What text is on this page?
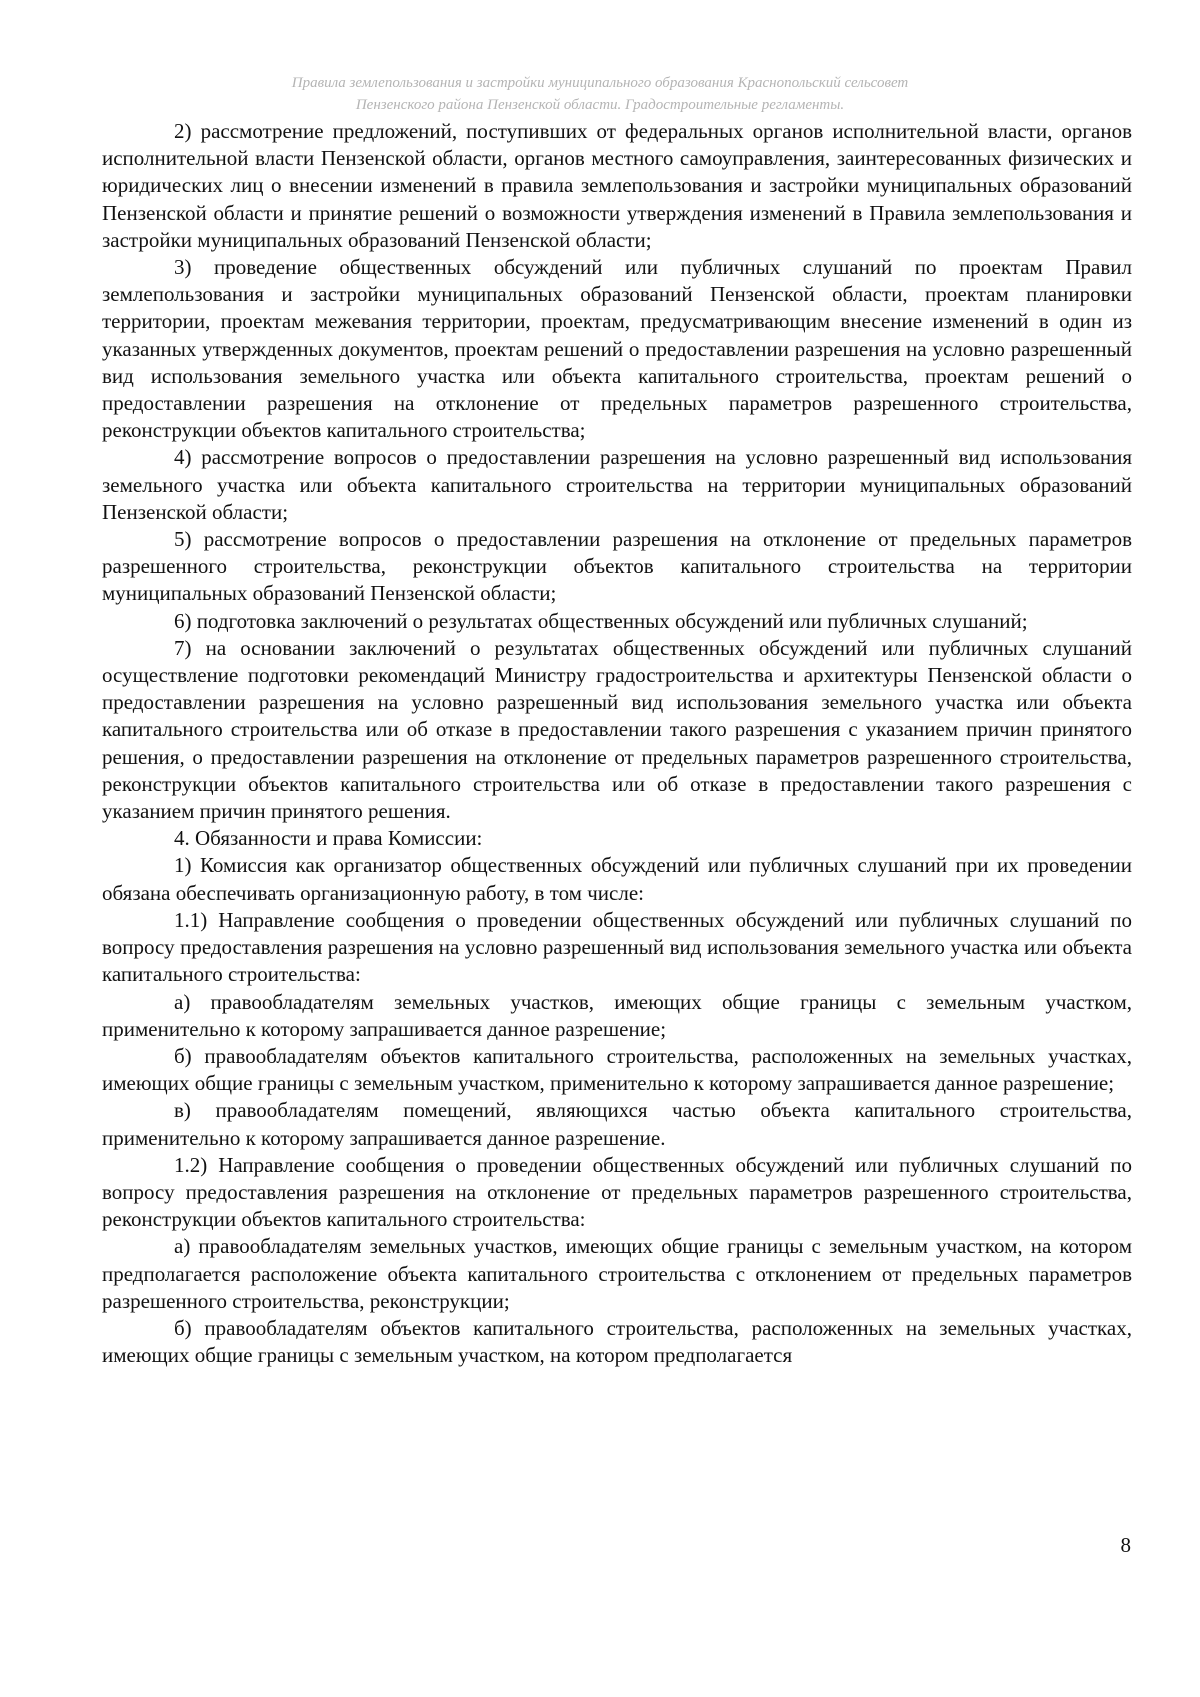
Правила землепользования и застройки муниципального образования Краснопольский сельсовет
Пензенского района Пензенской области. Градостроительные регламенты.

2) рассмотрение предложений, поступивших от федеральных органов исполнительной власти, органов исполнительной власти Пензенской области, органов местного самоуправления, заинтересованных физических и юридических лиц о внесении изменений в правила землепользования и застройки муниципальных образований Пензенской области и принятие решений о возможности утверждения изменений в Правила землепользования и застройки муниципальных образований Пензенской области;

3) проведение общественных обсуждений или публичных слушаний по проектам Правил землепользования и застройки муниципальных образований Пензенской области, проектам планировки территории, проектам межевания территории, проектам, предусматривающим внесение изменений в один из указанных утвержденных документов, проектам решений о предоставлении разрешения на условно разрешенный вид использования земельного участка или объекта капитального строительства, проектам решений о предоставлении разрешения на отклонение от предельных параметров разрешенного строительства, реконструкции объектов капитального строительства;

4) рассмотрение вопросов о предоставлении разрешения на условно разрешенный вид использования земельного участка или объекта капитального строительства на территории муниципальных образований Пензенской области;

5) рассмотрение вопросов о предоставлении разрешения на отклонение от предельных параметров разрешенного строительства, реконструкции объектов капитального строительства на территории муниципальных образований Пензенской области;

6) подготовка заключений о результатах общественных обсуждений или публичных слушаний;

7) на основании заключений о результатах общественных обсуждений или публичных слушаний осуществление подготовки рекомендаций Министру градостроительства и архитектуры Пензенской области о предоставлении разрешения на условно разрешенный вид использования земельного участка или объекта капитального строительства или об отказе в предоставлении такого разрешения с указанием причин принятого решения, о предоставлении разрешения на отклонение от предельных параметров разрешенного строительства, реконструкции объектов капитального строительства или об отказе в предоставлении такого разрешения с указанием причин принятого решения.

4. Обязанности и права Комиссии:

1) Комиссия как организатор общественных обсуждений или публичных слушаний при их проведении обязана обеспечивать организационную работу, в том числе:

1.1) Направление сообщения о проведении общественных обсуждений или публичных слушаний по вопросу предоставления разрешения на условно разрешенный вид использования земельного участка или объекта капитального строительства:

а) правообладателям земельных участков, имеющих общие границы с земельным участком, применительно к которому запрашивается данное разрешение;

б) правообладателям объектов капитального строительства, расположенных на земельных участках, имеющих общие границы с земельным участком, применительно к которому запрашивается данное разрешение;

в) правообладателям помещений, являющихся частью объекта капитального строительства, применительно к которому запрашивается данное разрешение.

1.2) Направление сообщения о проведении общественных обсуждений или публичных слушаний по вопросу предоставления разрешения на отклонение от предельных параметров разрешенного строительства, реконструкции объектов капитального строительства:

а) правообладателям земельных участков, имеющих общие границы с земельным участком, на котором предполагается расположение объекта капитального строительства с отклонением от предельных параметров разрешенного строительства, реконструкции;

б) правообладателям объектов капитального строительства, расположенных на земельных участках, имеющих общие границы с земельным участком, на котором предполагается

8
